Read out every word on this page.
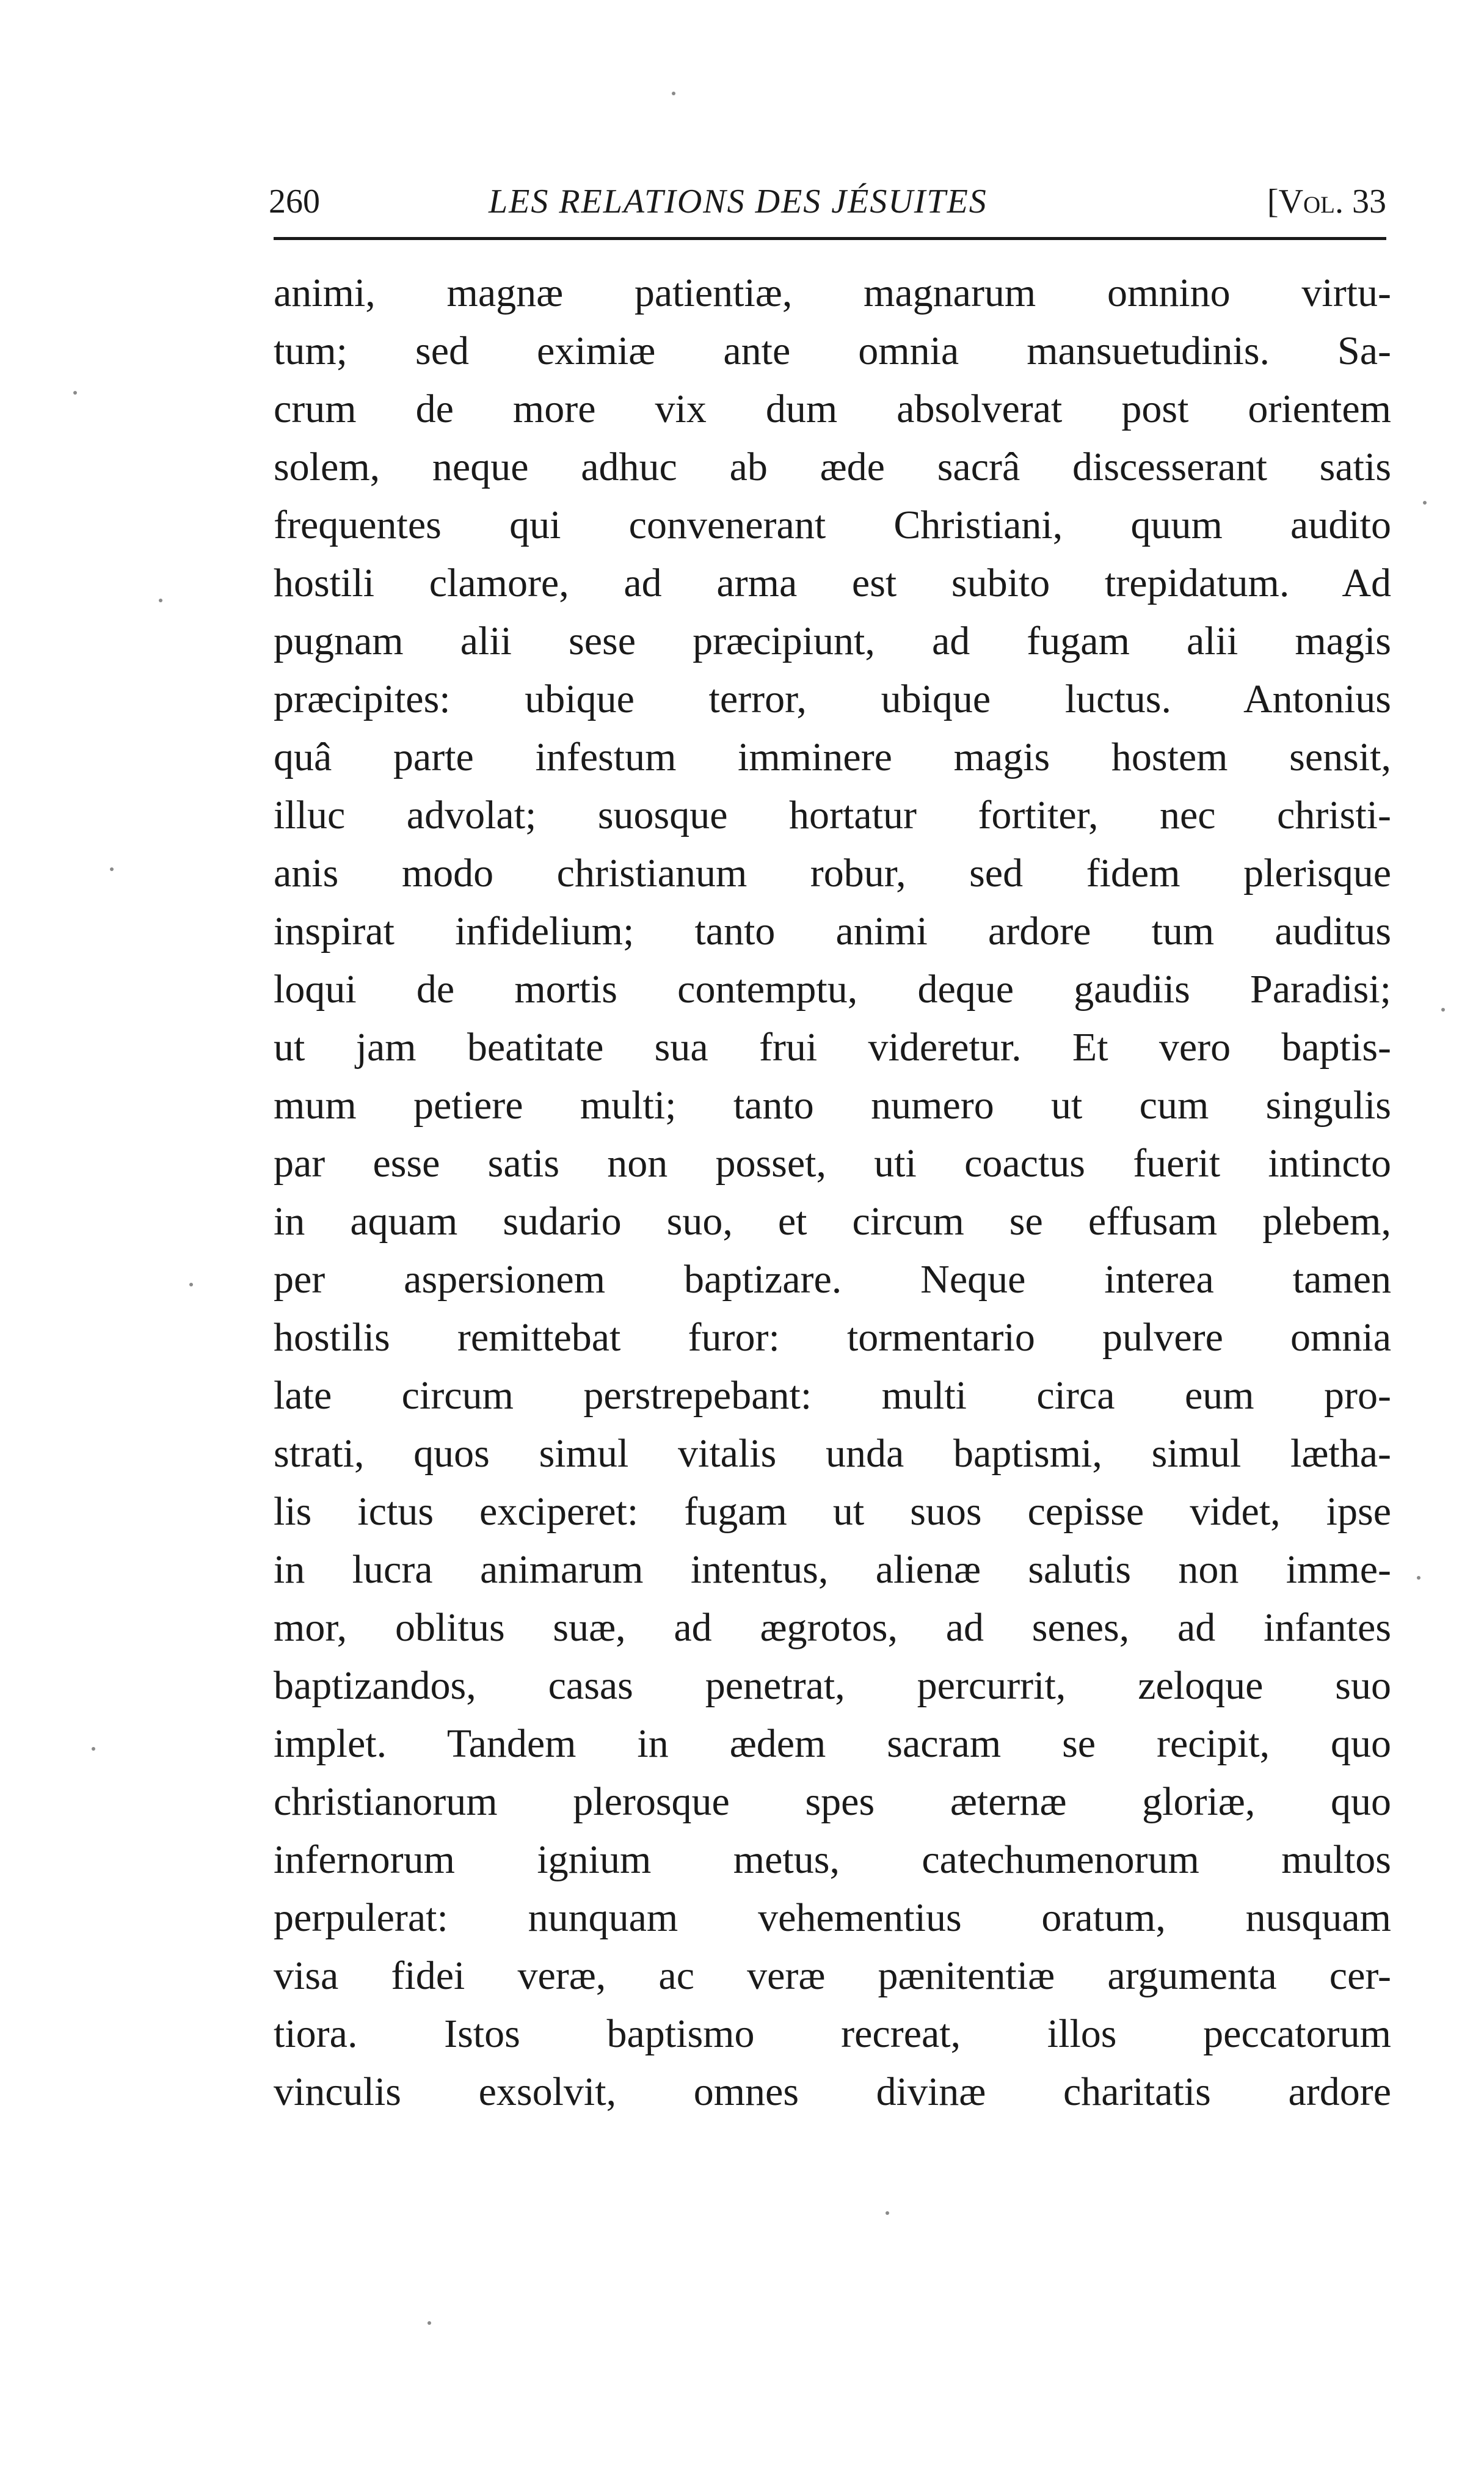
260	LES RELATIONS DES JÉSUITES	[Vol. 33
animi, magnæ patientiæ, magnarum omnino virtu-
tum; sed eximiæ ante omnia mansuetudinis. Sa-
crum de more vix dum absolverat post orientem
solem, neque adhuc ab æde sacrâ discesserant satis
frequentes qui convenerant Christiani, quum audito
hostili clamore, ad arma est subito trepidatum. Ad
pugnam alii sese præcipiunt, ad fugam alii magis
præcipites: ubique terror, ubique luctus. Antonius
quâ parte infestum imminere magis hostem sensit,
illuc advolat; suosque hortatur fortiter, nec christi-
anis modo christianum robur, sed fidem plerisque
inspirat infidelium; tanto animi ardore tum auditus
loqui de mortis contemptu, deque gaudiis Paradisi;
ut jam beatitate sua frui videretur. Et vero baptis-
mum petiere multi; tanto numero ut cum singulis
par esse satis non posset, uti coactus fuerit intincto
in aquam sudario suo, et circum se effusam plebem,
per aspersionem baptizare. Neque interea tamen
hostilis remittebat furor: tormentario pulvere omnia
late circum perstrepebant: multi circa eum pro-
strati, quos simul vitalis unda baptismi, simul lætha-
lis ictus exciperet: fugam ut suos cepisse videt, ipse
in lucra animarum intentus, alienæ salutis non imme-
mor, oblitus suæ, ad ægrotos, ad senes, ad infantes
baptizandos, casas penetrat, percurrit, zeloque suo
implet. Tandem in ædem sacram se recipit, quo
christianorum plerosque spes æternæ gloriæ, quo
infernorum ignium metus, catechumenorum multos
perpulerat: nunquam vehementius oratum, nusquam
visa fidei veræ, ac veræ pænitentiæ argumenta cer-
tiora. Istos baptismo recreat, illos peccatorum
vinculis exsolvit, omnes divinæ charitatis ardore
